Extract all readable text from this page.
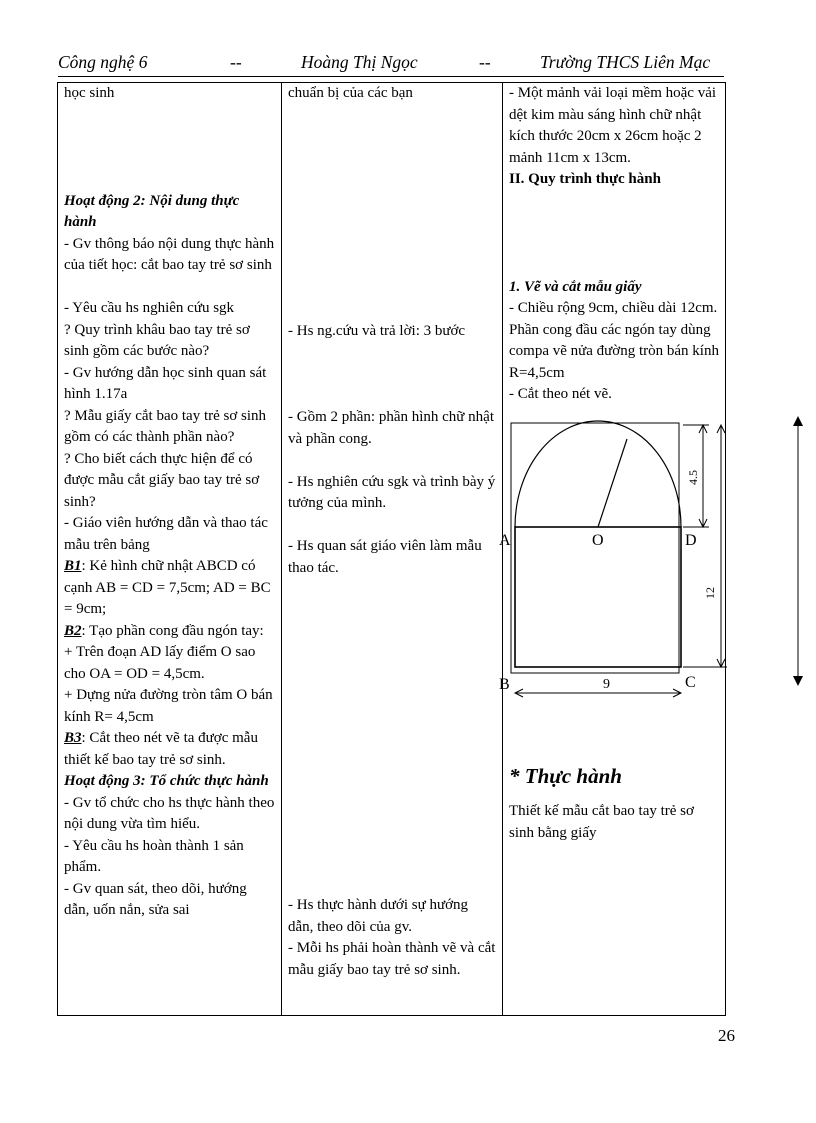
Công nghệ 6	--	Hoàng Thị Ngọc	--	Trường THCS Liên Mạc
học sinh
Hoạt động 2: Nội dung thực hành
- Gv thông báo nội dung thực hành của tiết học: cắt bao tay trẻ sơ sinh
- Yêu cầu hs nghiên cứu sgk
? Quy trình khâu bao tay trẻ sơ sinh gồm các bước nào?
- Gv hướng dẫn học sinh quan sát hình 1.17a
? Mẫu giấy cắt bao tay trẻ sơ sinh gồm có các thành phần nào?
? Cho biết cách thực hiện để có được mẫu cắt giấy bao tay trẻ sơ sinh?
- Giáo viên hướng dẫn và thao tác mẫu trên bảng
B1: Kẻ hình chữ nhật ABCD có cạnh AB = CD = 7,5cm; AD = BC = 9cm;
B2: Tạo phần cong đầu ngón tay:
+ Trên đoạn AD lấy điểm O sao cho OA = OD = 4,5cm.
+ Dựng nửa đường tròn tâm O bán kính R= 4,5cm
B3: Cắt theo nét vẽ ta được mẫu thiết kế bao tay trẻ sơ sinh.
Hoạt động 3: Tổ chức thực hành
- Gv tổ chức cho hs thực hành theo nội dung vừa tìm hiểu.
- Yêu cầu hs hoàn thành 1 sản phẩm.
- Gv quan sát, theo dõi, hướng dẫn, uốn nắn, sửa sai

chuẩn bị của các bạn
- Hs ng.cứu và trả lời: 3 bước
- Gồm 2 phần: phần hình chữ nhật và phần cong.
- Hs nghiên cứu sgk và trình bày ý tưởng của mình.
- Hs quan sát giáo viên làm mẫu thao tác.
- Hs thực hành dưới sự hướng dẫn, theo dõi của gv.
- Mỗi hs phải hoàn thành vẽ và cắt mẫu giấy bao tay trẻ sơ sinh.

- Một mảnh vải loại mềm hoặc vải dệt kim màu sáng hình chữ nhật kích thước 20cm x 26cm hoặc 2 mảnh 11cm x 13cm.
II. Quy trình thực hành
1. Vẽ và cắt mẫu giấy
- Chiều rộng 9cm, chiều dài 12cm. Phần cong đầu các ngón tay dùng compa vẽ nửa đường tròn bán kính R=4,5cm
- Cắt theo nét vẽ.
* Thực hành
Thiết kế mẫu cắt bao tay trẻ sơ sinh bằng giấy
A	O	D
B	C
4.5
12
9
26
